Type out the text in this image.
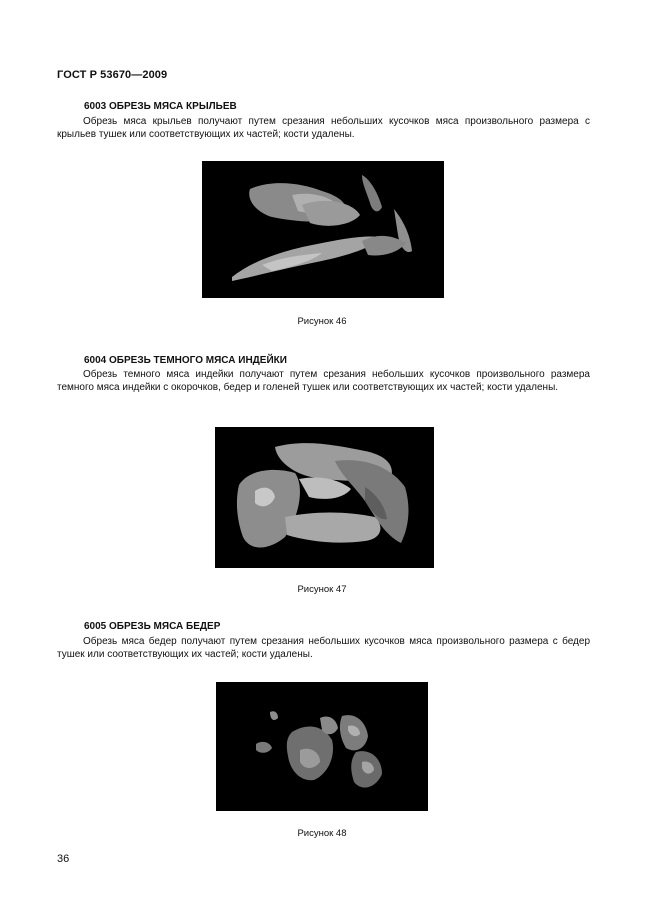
ГОСТ Р 53670—2009
6003 ОБРЕЗЬ МЯСА КРЫЛЬЕВ
Обрезь мяса крыльев получают путем срезания небольших кусочков мяса произвольного размера с крыльев тушек или соответствующих их частей; кости удалены.
Рисунок 46
6004 ОБРЕЗЬ ТЕМНОГО МЯСА ИНДЕЙКИ
Обрезь темного мяса индейки получают путем срезания небольших кусочков произвольного размера темного мяса индейки с окорочков, бедер и голеней тушек или соответствующих их частей; кости удалены.
Рисунок 47
6005 ОБРЕЗЬ МЯСА БЕДЕР
Обрезь мяса бедер получают путем срезания небольших кусочков мяса произвольного размера с бедер тушек или соответствующих их частей; кости удалены.
Рисунок 48
36
